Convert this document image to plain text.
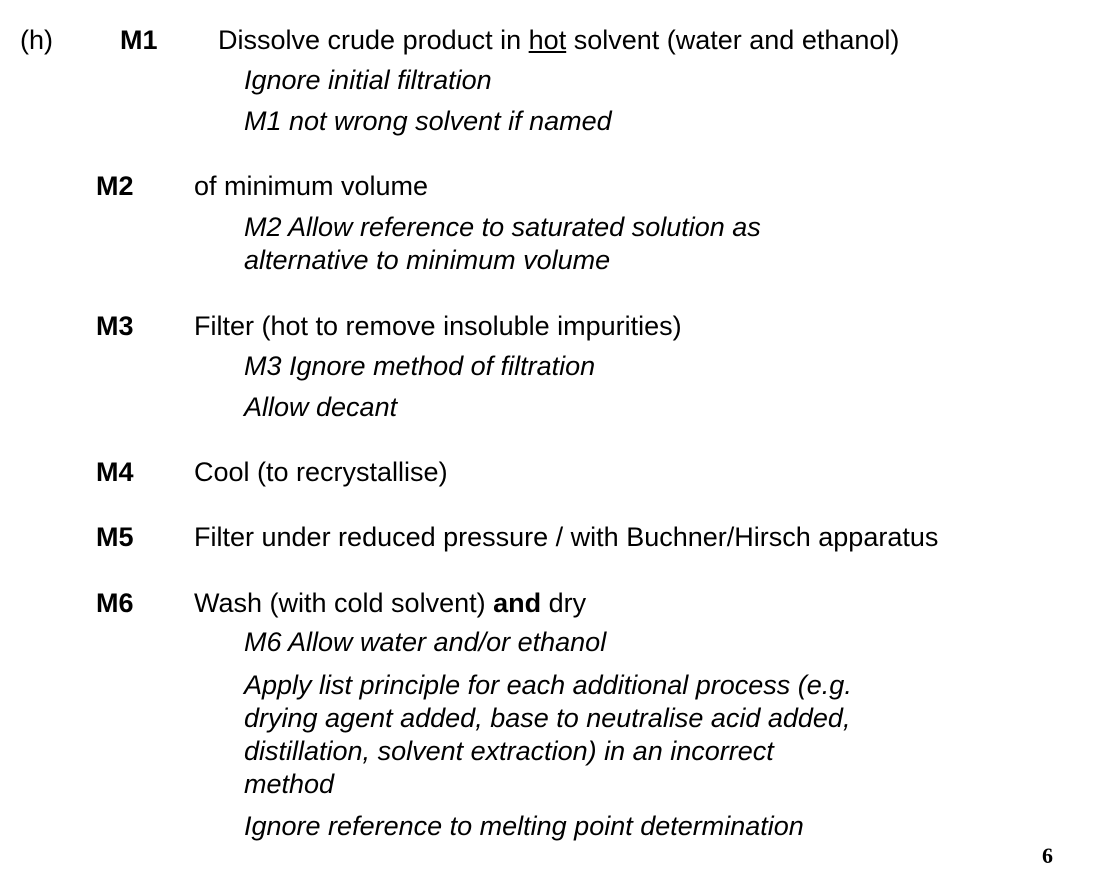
(h) M1 Dissolve crude product in hot solvent (water and ethanol)
Ignore initial filtration
M1 not wrong solvent if named
M2 of minimum volume
M2 Allow reference to saturated solution as
alternative to minimum volume
M3 Filter (hot to remove insoluble impurities)
M3 Ignore method of filtration
Allow decant
M4 Cool (to recrystallise)
M5 Filter under reduced pressure / with Buchner/Hirsch apparatus
M6 Wash (with cold solvent) and dry
M6 Allow water and/or ethanol
Apply list principle for each additional process (e.g.
drying agent added, base to neutralise acid added,
distillation, solvent extraction) in an incorrect
method
Ignore reference to melting point determination
6
